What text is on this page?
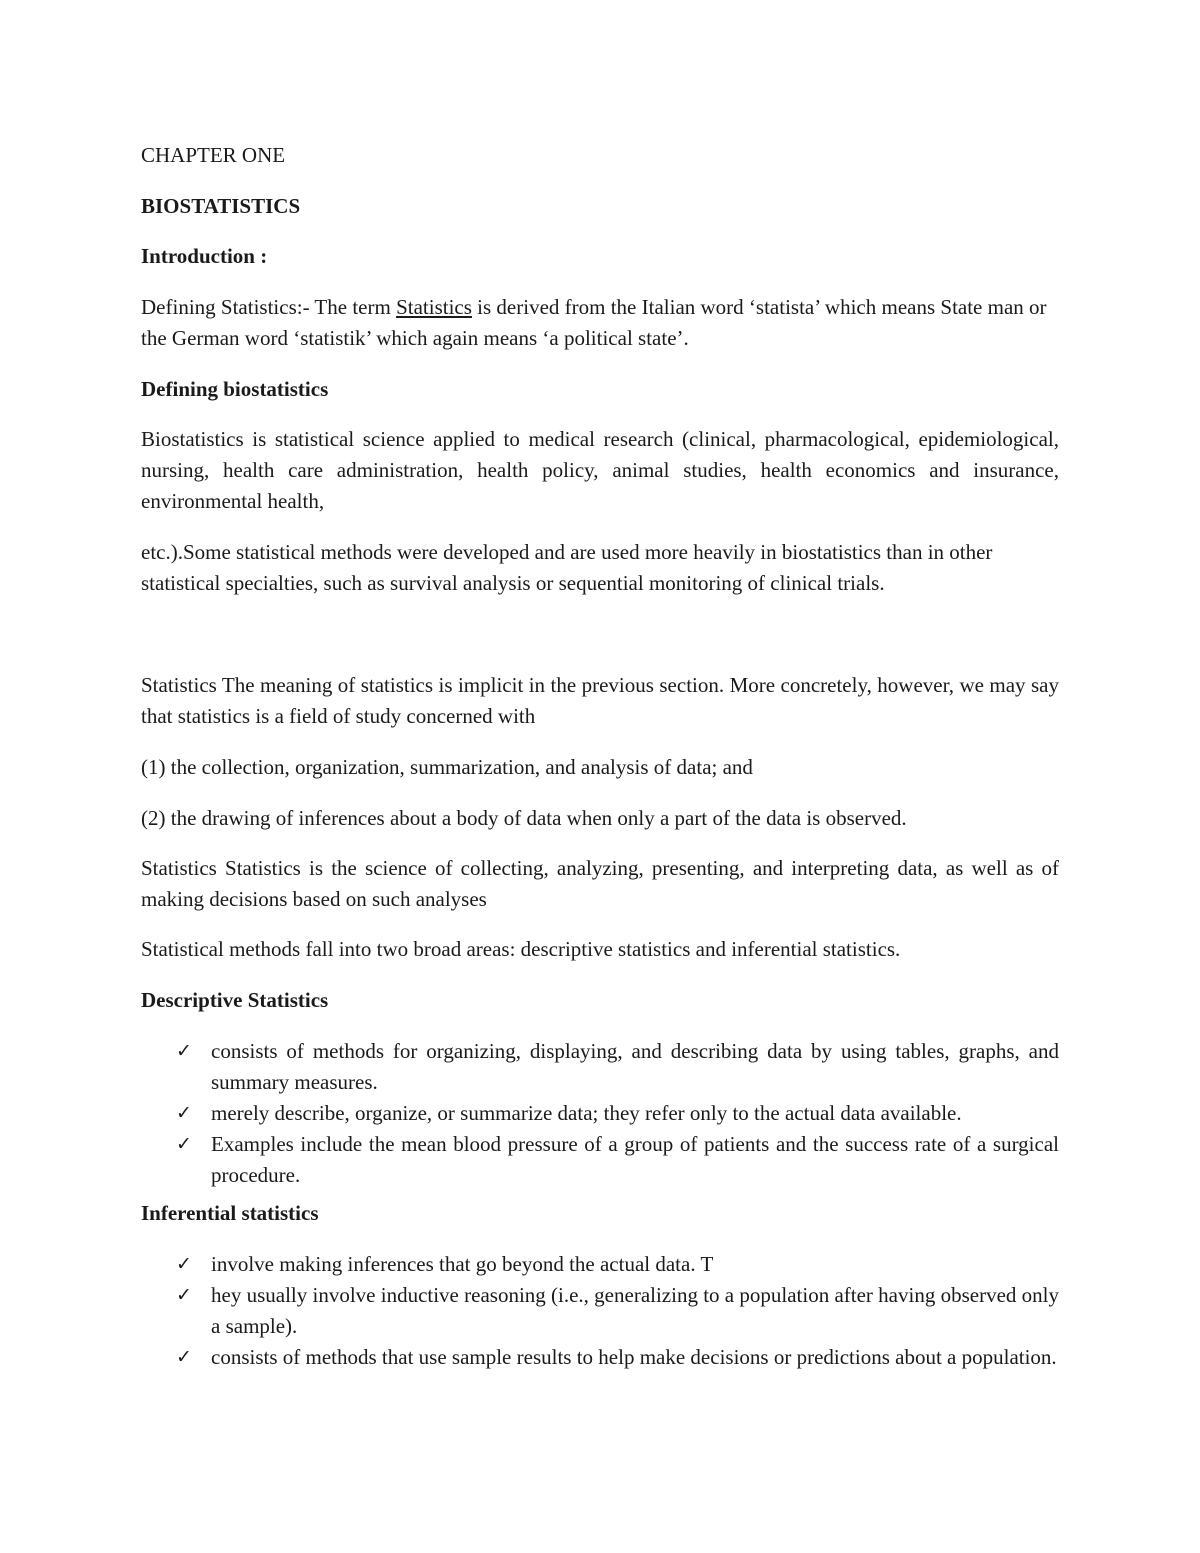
CHAPTER ONE

BIOSTATISTICS

Introduction :

Defining Statistics:- The term Statistics is derived from the Italian word ‘statista’ which means State man or the German word ‘statistik’ which again means ‘a political state’.

Defining biostatistics

Biostatistics is statistical science applied to medical research (clinical, pharmacological, epidemiological, nursing, health care administration, health policy, animal studies, health economics and insurance, environmental health,

etc.).Some statistical methods were developed and are used more heavily in biostatistics than in other statistical specialties, such as survival analysis or sequential monitoring of clinical trials.

Statistics The meaning of statistics is implicit in the previous section. More concretely, however, we may say that statistics is a field of study concerned with

(1) the collection, organization, summarization, and analysis of data; and

(2) the drawing of inferences about a body of data when only a part of the data is observed.

Statistics Statistics is the science of collecting, analyzing, presenting, and interpreting data, as well as of making decisions based on such analyses

Statistical methods fall into two broad areas: descriptive statistics and inferential statistics.

Descriptive Statistics

✓ consists of methods for organizing, displaying, and describing data by using tables, graphs, and summary measures.
✓ merely describe, organize, or summarize data; they refer only to the actual data available.
✓ Examples include the mean blood pressure of a group of patients and the success rate of a surgical procedure.

Inferential statistics

✓ involve making inferences that go beyond the actual data. T
✓ hey usually involve inductive reasoning (i.e., generalizing to a population after having observed only a sample).
✓ consists of methods that use sample results to help make decisions or predictions about a population.
